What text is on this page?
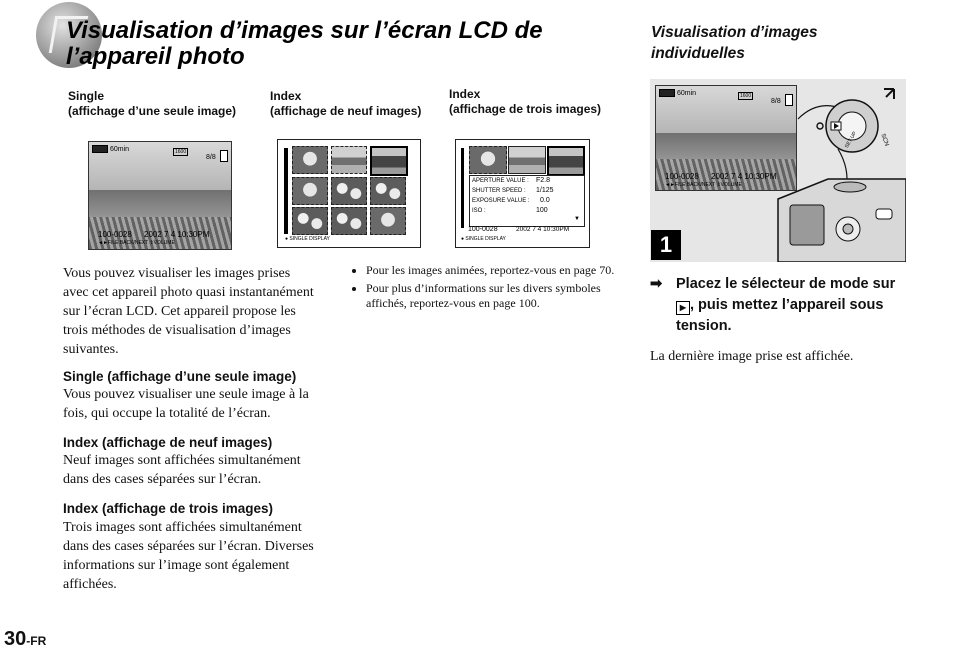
Visualisation d’images sur l’écran LCD de l’appareil photo
Single
(affichage d’une seule image)
Index
(affichage de neuf images)
Index
(affichage de trois images)
60min	1600
8/8
100-0028 2002 7 4 10:30PM
◄►FILE BACK/NEXT ⇕VOLUME
● SINGLE DISPLAY
APERTURE VALUE : F2.8
SHUTTER SPEED : 1/125
EXPOSURE VALUE : 0.0
ISO :	100
▼
100-0028	2002 7 4 10:30PM
● SINGLE DISPLAY
Vous pouvez visualiser les images prises avec cet appareil photo quasi instantanément sur l’écran LCD. Cet appareil propose les trois méthodes de visualisation d’images suivantes.
Single (affichage d’une seule image)
Vous pouvez visualiser une seule image à la fois, qui occupe la totalité de l’écran.
Index (affichage de neuf images)
Neuf images sont affichées simultanément dans des cases séparées sur l’écran.
Index (affichage de trois images)
Trois images sont affichées simultanément dans des cases séparées sur l’écran. Diverses informations sur l’image sont également affichées.
• Pour les images animées, reportez-vous en page 70.
• Pour plus d’informations sur les divers symboles affichés, reportez-vous en page 100.
Visualisation d’images individuelles
60min	1600
8/8
100-0028 2002 7 4 10:30PM
◄►FILE BACK/NEXT ⇕VOLUME
SCN
SET UP
1
➡ Placez le sélecteur de mode sur ▶ , puis mettez l’appareil sous tension.
La dernière image prise est affichée.
30-FR
